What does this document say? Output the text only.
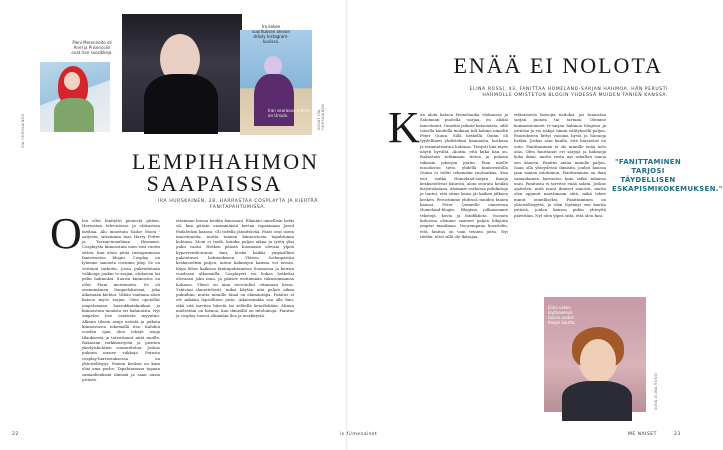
Pieni Merenneito eli Ariel ja Prisencolin ovat Iran suosikkeja.
Ira kokee suorituksen olevan dräsly Instagram-kuvissa.
Iran seuraava hahmo on Ursula.
IRA HURSKAINEN	KUVAT IRA HURSKAINEN
LEMPIHAHMON SAAPAISSA
IRA HURSKAINEN, 28, HARRASTAA COSPLAYTA JA KIERTÄÄ FANITAPAHTUMISSA.
O len ollut fanityttö pienestä pitäen. Harrastan televisiossa ja elokuvissa mediaa. Alu innostuin Sailor Moon -sarjasta, sittemmin taas Harry Potter ja Tarzan-maailman Hermans. Cosplaysta kiinnostuin noin viisi vuotta sitten, kun aloin pitää Instagramissa fanisivustoa blogin. Cosplay on lyhenne sanoista costume play. Se on vettäinä tarkoita, jossa pukeudutaan valikoiga jonkin tv-sarjan, elokuvan tai pelin hahmoksi. Suurin kiinnostus on ollut Pieni merenneito. Se oli ensimmäinen lempielokuvani, joka aikoinaan kiehtoi. Vähän vanhana aloin katsoa myös sarjaa. Olen opetellut ompelemaan haarukkatekniikan ja kiinnostuin monista eri hahmoista. Nyt ompelen itse vaatteita myyntiin. Alkuun tilasin asuja netistä ja jatkoin kiinnostusta tekemällä itse. Kahden vuoden ajan olen tehnyt asuja tilauksesta ja toteuttanut niitä muille. Rakastan tarkkuustyötä ja pienten yksityiskohtien suunnittelua. Joskus pukuun menee viikkoja. Parasta cosplay-harrastuksessa on yhteisöllisyys. Fanien kesken on kuin olisi oma perhe. Tapahtumissa tapaan samanhenkisiä ihmisiä ja saan uusia ystäviä.
ettamaan kuvan heidän kanssaan. Elämäni onnellisin hetki oli, kun pääsin ensimmäistä kertaa tapaamaan Jared Padaleckin kanssa. Oli todella jännittävää. Fanit ovat usein innostuneita, mutta tunnen kiinnostusta tapahtumia kohtaan. Moni ei tiedä, kuinka paljon aikaa ja työtä yksi puku vaatii. Hetken päästä huomasin olevani ylpeä hyperventiloitunut fani, koska kaikki ympärilläni pukeutuvat hahmoikseen. Yhteen Sodanpäiviin keskusteltiin paljon, miten hahmojen kanssa voi tavata. Käyn lähes kaikissa fanitapahtumissa Suomessa ja kerran vuodessa ulkomailla. Cosplayeri voi kokea hetkeksi olevansa joku muu, ja pääsee esittämään rakastamaansa hahmoa. Yleisö on aina tervetullut ottamaan kuvia. Ystäväni ihmettelevät, miksi käytän niin paljon aikaa pukuihini, mutta minulle tämä on elämäntapa. Fanitus ei ole mikään lapsellinen juttu. Aikuisenakin saa olla fani, eikä sitä tarvitse hävetä tai selitellä kenellekään. Minun mielestäni on hienoa, kun ihmisillä on intohimoja. Fanitus ja cosplay tuovat elämääni iloa ja merkitystä.
22
ENÄÄ EI NOLOTA
ELINA ROSSI, 43, FANITTAA HOMELAND-SARJAN HAHMOA. HÄN PERUSTI HAHMOLLE OMISTETUN BLOGIN YHDESSÄ MUIDEN FANIEN KANSSA.
K un aloin katsoa Homelandia elokuussa ja Salomaan puolella -sarjaa, en aluksi innostunut. Onneksi jatkoin katsomista, sillä toisella kaudella mukaan tuli hahmo nimeltä Peter Quinn. Sillä hetkellä Quinn oli tyydellinen yhdistelmä kaunaista, korkeaa ja traumatisoitua hahmoa. Tietysti hän myös näytti hyvältä. Aloitin, että kuka hän on. Rakastuin tutkimaan tietoa ja palasin takaisin jaksojen pariin. Pian mielle muodostui tieto, yhdellä fanisivustolla Quinn ei tullut tekemään ruutuaikaa. Kun isot mitkä Homeland-sarjan faneja keskustelevat hänestä, aloin seurata heidän kirjoituksiaan. Aloimme verkossa pohdintoja ja tuntui, että viime kausi jäi kaiken jälkeen kesken. Perustimme yhdessä muiden fanien kanssa Peter Quinnille omistetun Homeland-blogin. Blogissa julkaisemme tekstejä, kuvia ja fanifiktiota. Vuosien kuluessa olemme saaneet paljon lukijoita ympäri maailmaa. Nuorempana kuvittelin, että fanitus on vain teinien juttu. Nyt tiedän, ettei sillä ole ikärajaa.
erikoistavia katsojia tiedoksi, jos tunnistaa sarjan juonen tai tarinan. Olemme kommentoineet tv-sarjan hahmoa blogissa ja ystävän ja voi näkyä tiimin välityksellä paljon. Fanitukseen liittyi vuosina hyviä ja huonoja hetkiä. Joskus sain kuulla, että harrastus on outo. Fanittaminen ei ole minulle enää nolo asia. Olen fanittanut eri sarjoja ja hahmoja koko ikäni, mutta vasta nyt uskallan sanoa sen ääneen. Fanitus antaa minulle paljon. Saan olla yhteydessä ihmisiin, joiden kanssa jaan saman intohimon. Fanittaminen on ihan samanlainen harrastus kuin mikä tahansa muu. Fanitusta ei tarvitse enää salata. Joskus ajattelen, mitä muut ihmiset sanovat, mutta olen oppinut nauttimaan siitä, mikä tekee minut onnelliseksi. Fanittaminen on yhteisöllisyyttä, ja olen löytänyt sen kautta ystäviä, joiden kanssa pidän yhteyttä päivittäin. Nyt olen ylpeä siitä, että olen fani.
"FANITTAMINEN TARJOSI TÄYDELLISEN ESKAPISMIKOKEMUKSEN."
Elina uskoo löytäneensä toisen uuden blogin kautta.
KUVA ELINA ROSSI
is.fi/menaiset	ME NAISET	23
